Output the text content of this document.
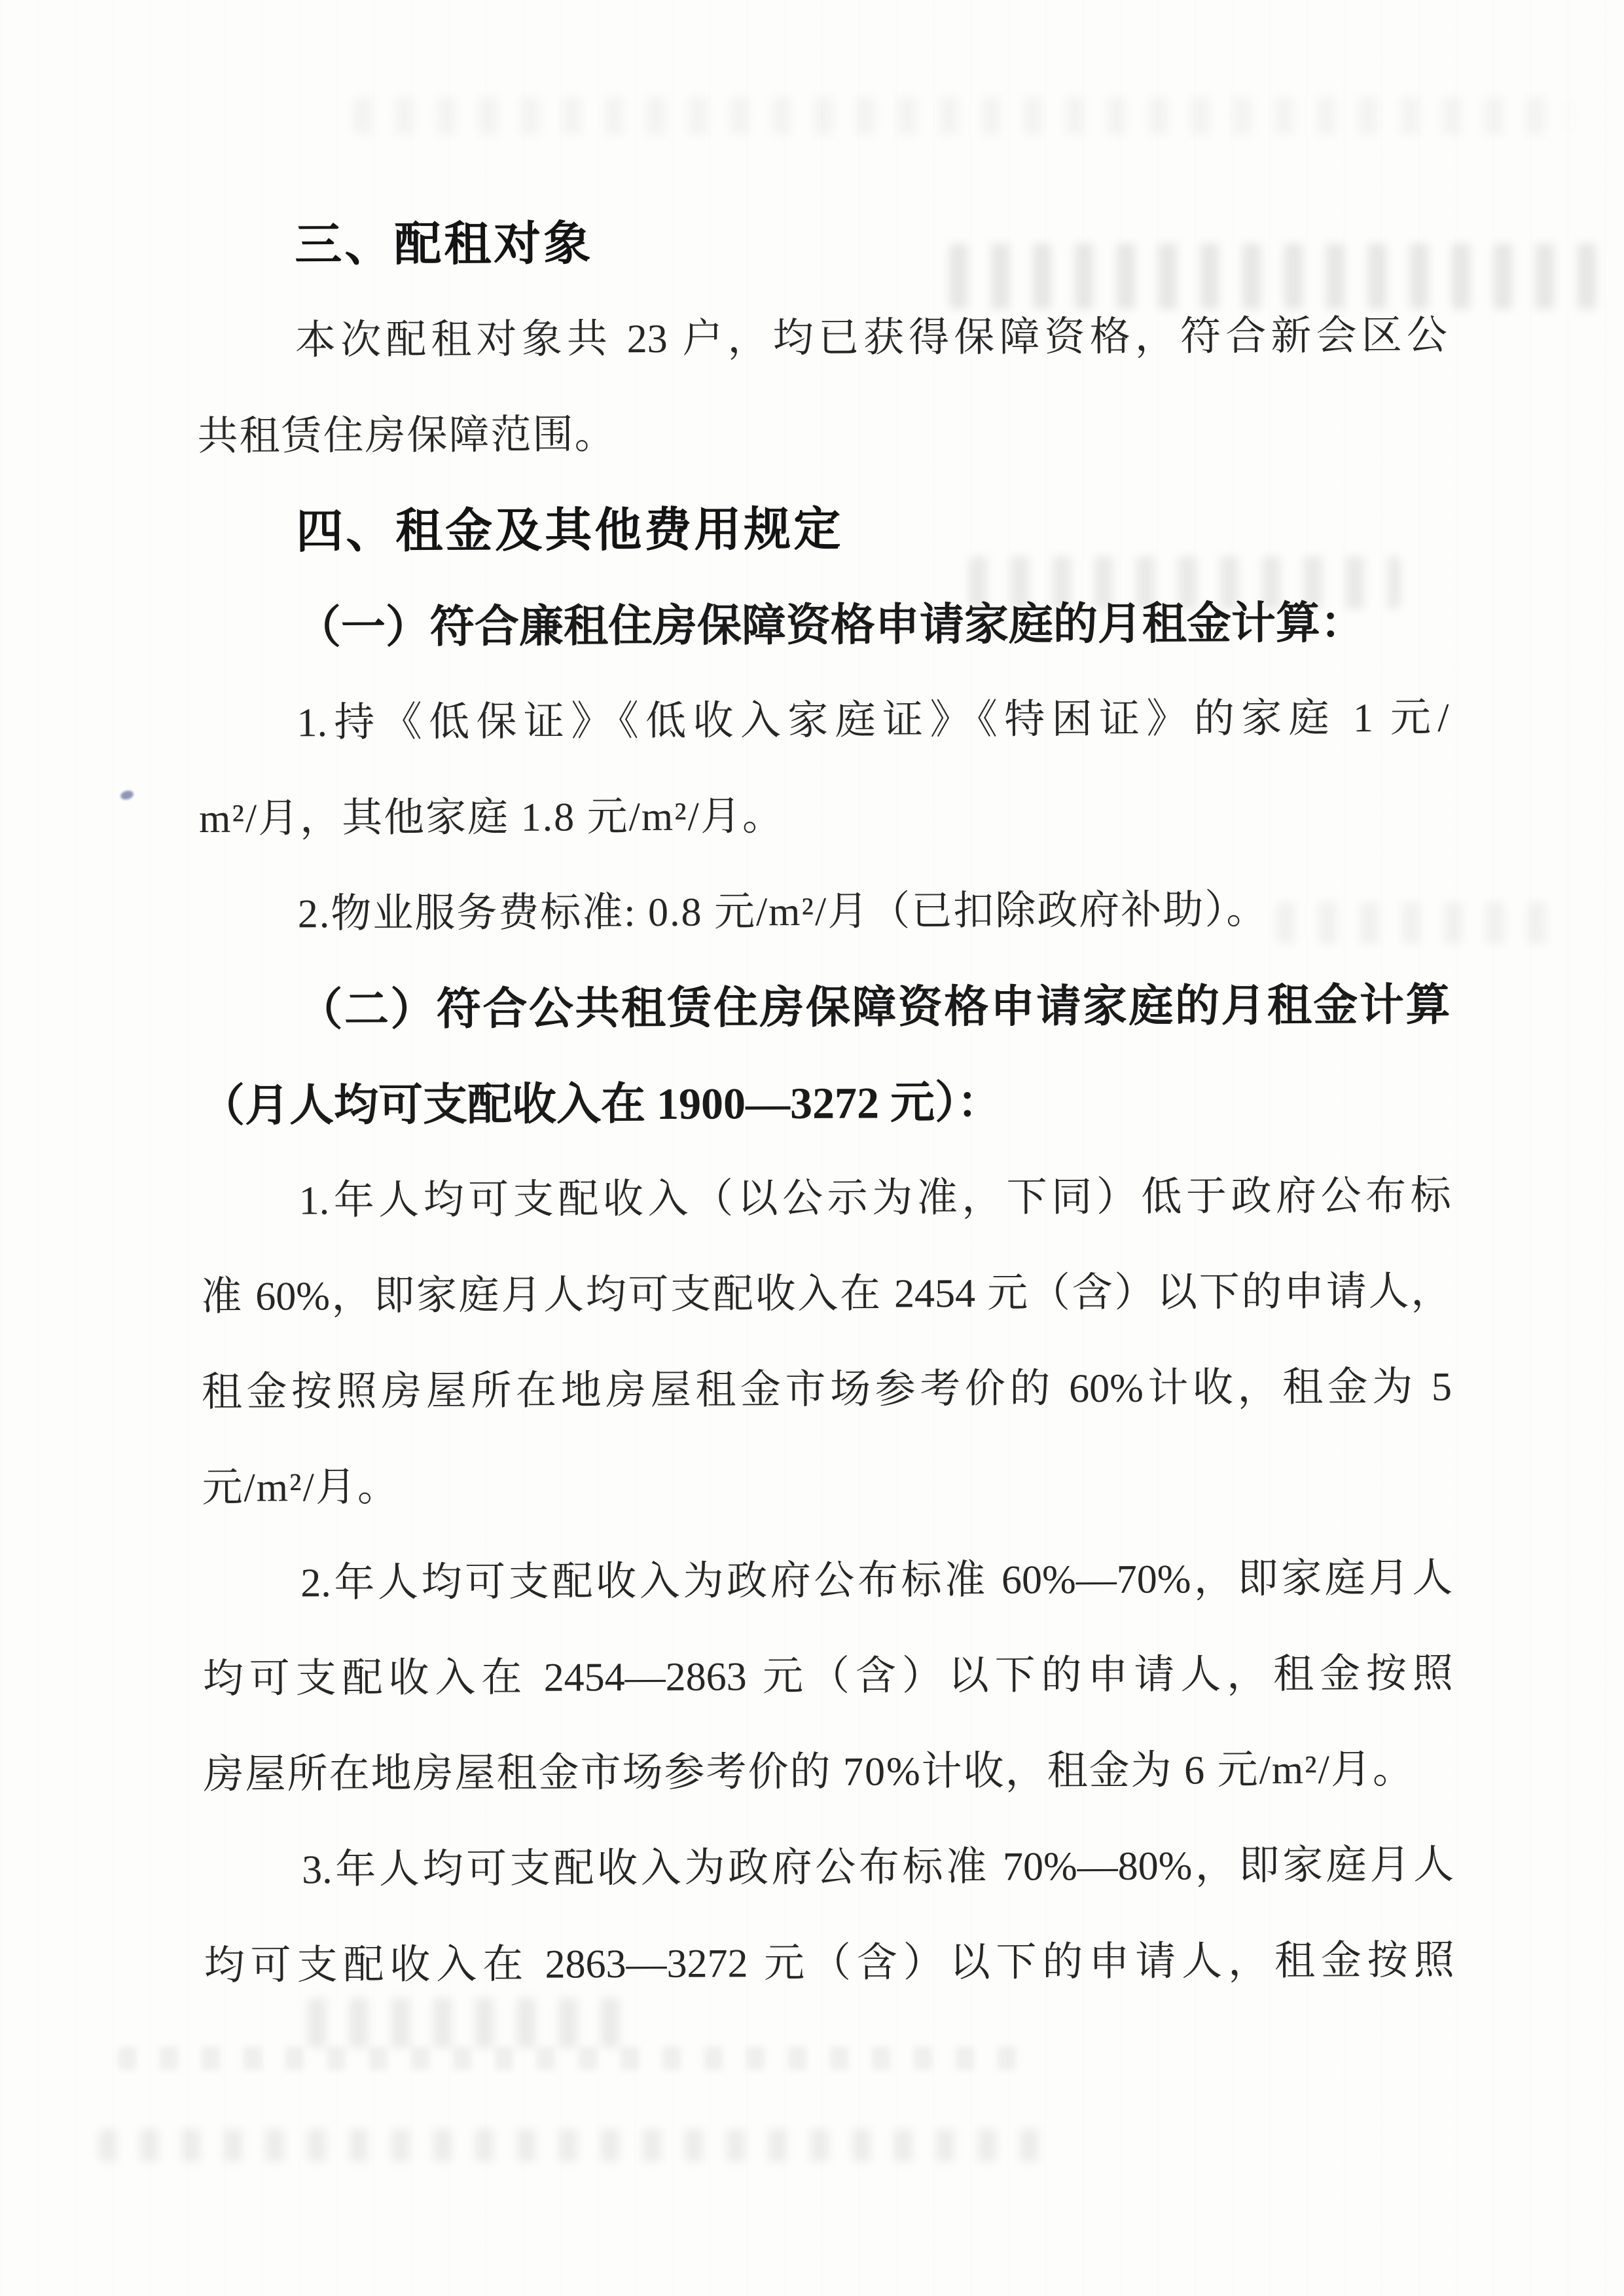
三、配租对象
本次配租对象共 23 户，均已获得保障资格，符合新会区公
共租赁住房保障范围。
四、租金及其他费用规定
（一）符合廉租住房保障资格申请家庭的月租金计算：
1.持《低保证》《低收入家庭证》《特困证》的家庭 1 元/
m²/月，其他家庭 1.8 元/m²/月。
2.物业服务费标准: 0.8 元/m²/月（已扣除政府补助）。
（二）符合公共租赁住房保障资格申请家庭的月租金计算
（月人均可支配收入在 1900—3272 元）：
1.年人均可支配收入（以公示为准，下同）低于政府公布标
准 60%，即家庭月人均可支配收入在 2454 元（含）以下的申请人，
租金按照房屋所在地房屋租金市场参考价的 60%计收，租金为 5
元/m²/月。
2.年人均可支配收入为政府公布标准 60%—70%，即家庭月人
均可支配收入在 2454—2863 元（含）以下的申请人，租金按照
房屋所在地房屋租金市场参考价的 70%计收，租金为 6 元/m²/月。
3.年人均可支配收入为政府公布标准 70%—80%，即家庭月人
均可支配收入在 2863—3272 元（含）以下的申请人，租金按照
